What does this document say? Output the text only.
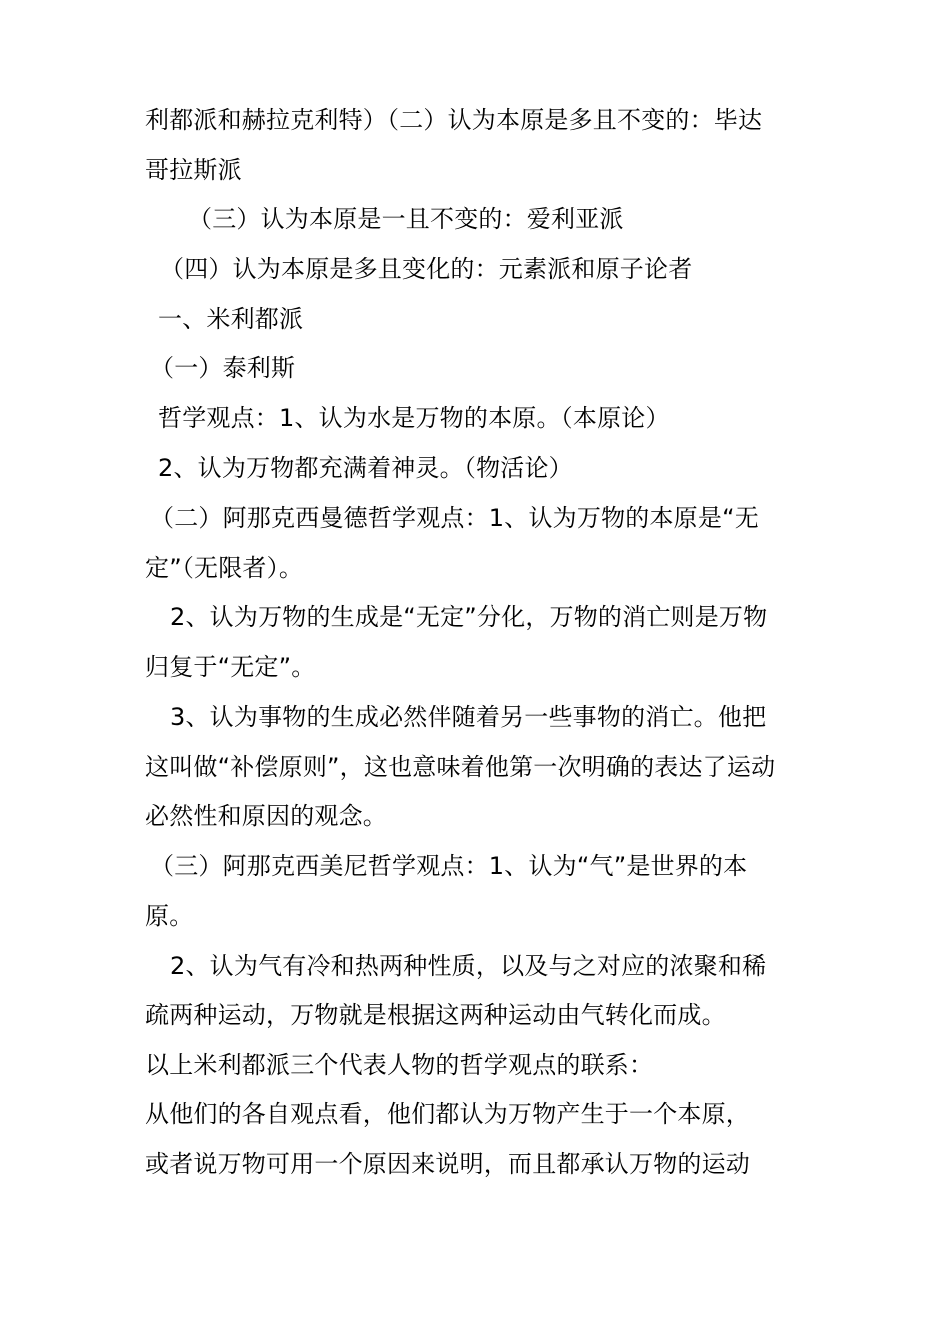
利都派和赫拉克利特）（二）认为本原是多且不变的：毕达
哥拉斯派
（三）认为本原是一且不变的：爱利亚派
（四）认为本原是多且变化的：元素派和原子论者
一、米利都派
（一）泰利斯
哲学观点：1、认为水是万物的本原。（本原论）
2、认为万物都充满着神灵。（物活论）
（二）阿那克西曼德哲学观点：1、认为万物的本原是“无
定”（无限者）。
2、认为万物的生成是“无定”分化，万物的消亡则是万物
归复于“无定”。
3、认为事物的生成必然伴随着另一些事物的消亡。他把
这叫做“补偿原则”，这也意味着他第一次明确的表达了运动
必然性和原因的观念。
（三）阿那克西美尼哲学观点：1、认为“气”是世界的本
原。
2、认为气有冷和热两种性质，以及与之对应的浓聚和稀
疏两种运动，万物就是根据这两种运动由气转化而成。
以上米利都派三个代表人物的哲学观点的联系：
从他们的各自观点看，他们都认为万物产生于一个本原，
或者说万物可用一个原因来说明，而且都承认万物的运动
